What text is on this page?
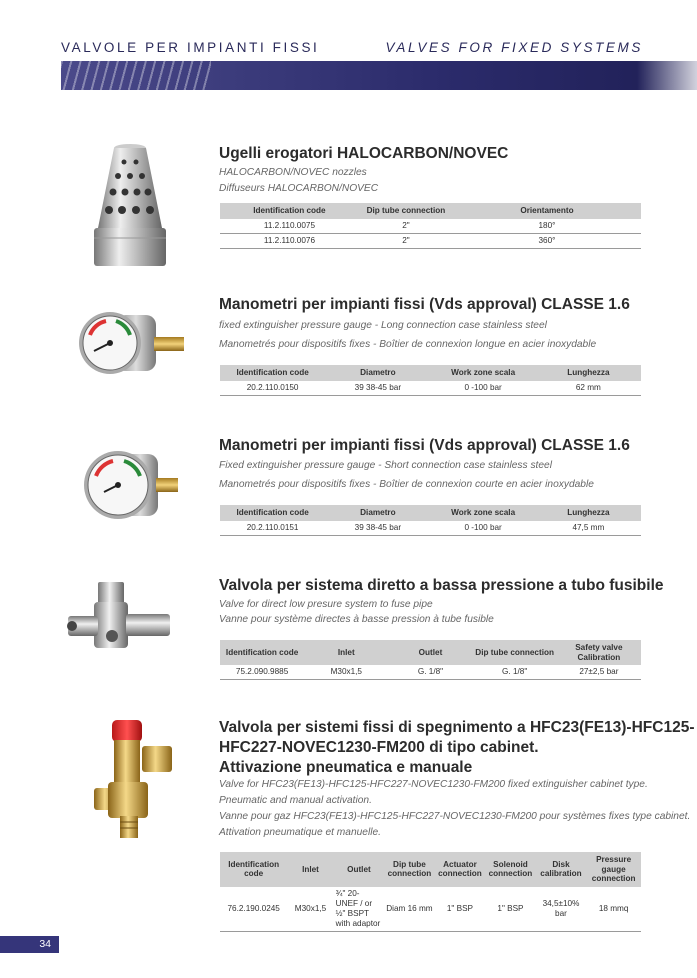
VALVOLE PER IMPIANTI FISSI	VALVES FOR FIXED SYSTEMS
Ugelli erogatori HALOCARBON/NOVEC
HALOCARBON/NOVEC nozzles
Diffuseurs HALOCARBON/NOVEC
Identification code	Dip tube connection	Orientamento
11.2.110.0075	2"	180°
11.2.110.0076	2"	360°
Manometri per impianti fissi (Vds approval) CLASSE 1.6
fixed extinguisher pressure gauge - Long connection case stainless steel
Manometrés pour dispositifs fixes - Boîtier de connexion longue en acier inoxydable
Identification code	Diametro	Work zone scala	Lunghezza
20.2.110.0150	39 38-45 bar	0 -100 bar	62 mm
Manometri per impianti fissi (Vds approval) CLASSE 1.6
Fixed extinguisher pressure gauge - Short connection case stainless steel
Manometrés pour dispositifs fixes - Boîtier de connexion courte en acier inoxydable
Identification code	Diametro	Work zone scala	Lunghezza
20.2.110.0151	39 38-45 bar	0 -100 bar	47,5 mm
Valvola per sistema diretto a bassa pressione a tubo fusibile
Valve for direct low presure system to fuse pipe
Vanne pour système directes à basse pression à tube fusible
Identification code	Inlet	Outlet	Dip tube connection	Safety valve Calibration
75.2.090.9885	M30x1,5	G. 1/8"	G. 1/8"	27±2,5 bar
Valvola per sistemi fissi di spegnimento a HFC23(FE13)-HFC125-
HFC227-NOVEC1230-FM200 di tipo cabinet.
Attivazione pneumatica e manuale
Valve for HFC23(FE13)-HFC125-HFC227-NOVEC1230-FM200 fixed extinguisher cabinet type.
Pneumatic and manual activation.
Vanne pour gaz HFC23(FE13)-HFC125-HFC227-NOVEC1230-FM200 pour systèmes fixes type cabinet.
Attivation pneumatique et manuelle.
Identification code	Inlet	Outlet	Dip tube connection	Actuator connection	Solenoid connection	Disk calibration	Pressure gauge connection
76.2.190.0245	M30x1,5	¾" 20- UNEF / or ½" BSPT with adaptor	Diam 16 mm	1" BSP	1" BSP	34,5±10% bar	18 mmq
34
